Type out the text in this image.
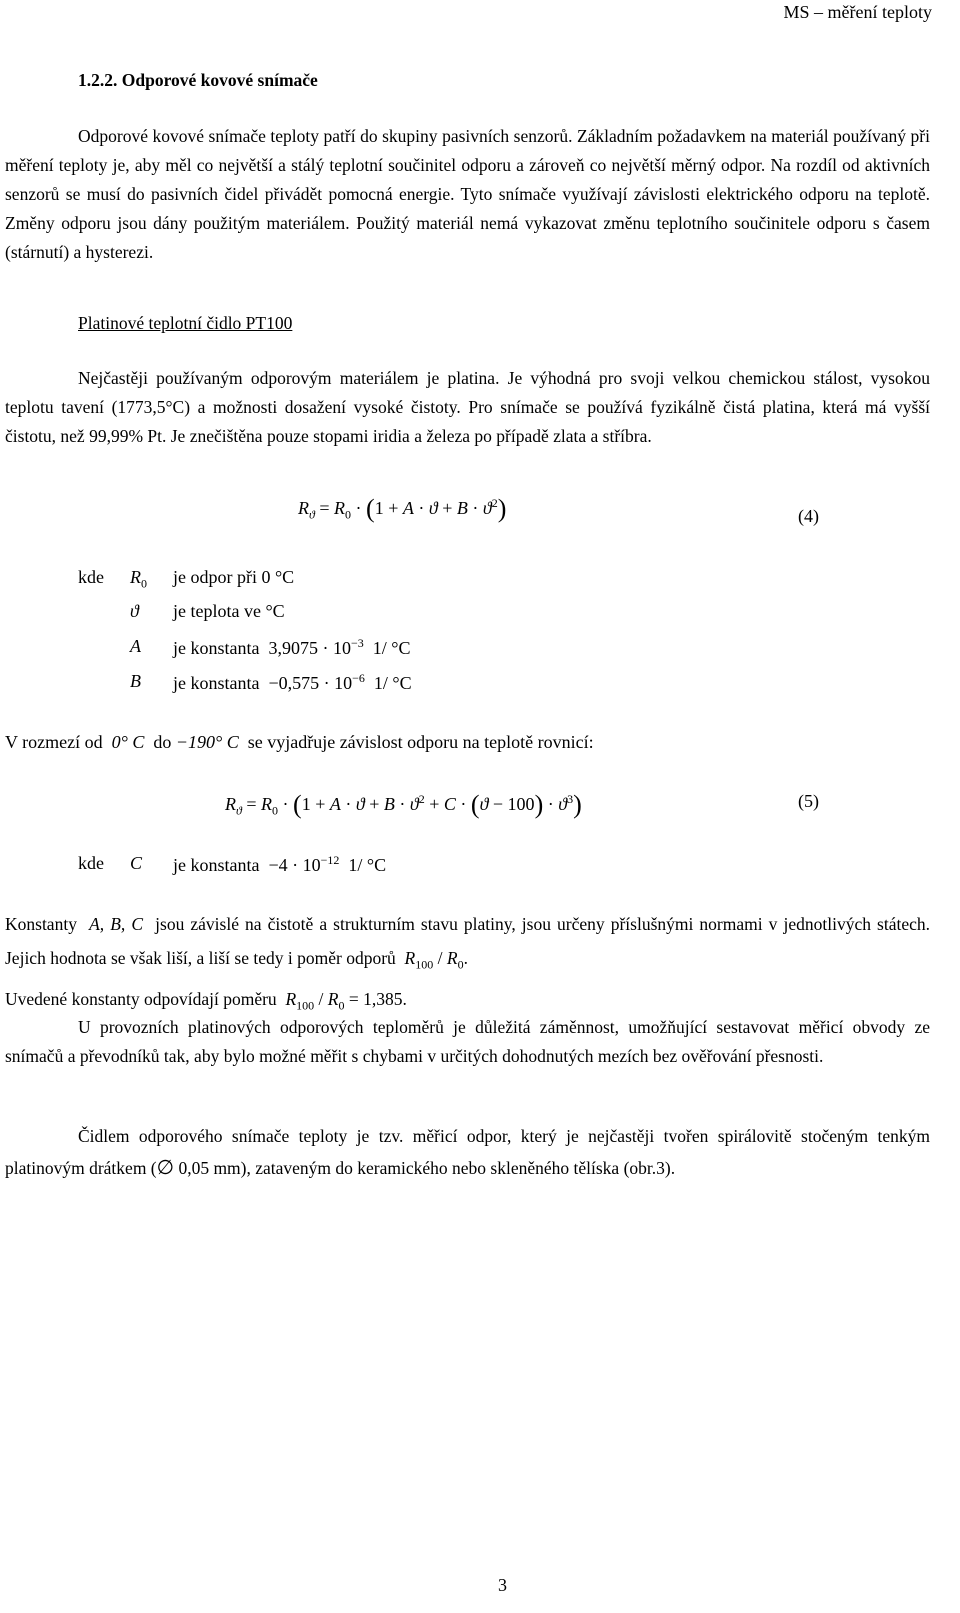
MS – měření teploty
1.2.2. Odporové kovové snímače
Odporové kovové snímače teploty patří do skupiny pasivních senzorů. Základním požadavkem na materiál používaný při měření teploty je, aby měl co největší a stálý teplotní součinitel odporu a zároveň co největší měrný odpor. Na rozdíl od aktivních senzorů se musí do pasivních čidel přivádět pomocná energie. Tyto snímače využívají závislosti elektrického odporu na teplotě. Změny odporu jsou dány použitým materiálem. Použitý materiál nemá vykazovat změnu teplotního součinitele odporu s časem (stárnutí) a hysterezi.
Platinové teplotní čidlo PT100
Nejčastěji používaným odporovým materiálem je platina. Je výhodná pro svoji velkou chemickou stálost, vysokou teplotu tavení (1773,5°C) a možnosti dosažení vysoké čistoty. Pro snímače se používá fyzikálně čistá platina, která má vyšší čistotu, než 99,99% Pt. Je znečištěna pouze stopami iridia a železa po případě zlata a stříbra.
$R_ϑ = R_0 \cdot (1 + A \cdot ϑ + B \cdot ϑ^2)$	(4)
kde $R_0$ je odpor při 0 °C
ϑ je teplota ve °C
A je konstanta $3,9075 \cdot 10^{-3}$ 1/ °C
B je konstanta $-0,575 \cdot 10^{-6}$ 1/ °C
V rozmezí od 0° C do −190° C se vyjadřuje závislost odporu na teplotě rovnicí:
$R_ϑ = R_0 \cdot (1 + A \cdot ϑ + B \cdot ϑ^2 + C \cdot (ϑ - 100) \cdot ϑ^3)$	(5)
kde C je konstanta $-4 \cdot 10^{-12}$ 1/ °C
Konstanty A, B, C jsou závislé na čistotě a strukturním stavu platiny, jsou určeny příslušnými normami v jednotlivých státech. Jejich hodnota se však liší, a liší se tedy i poměr odporů $R_{100} / R_0$.
Uvedené konstanty odpovídají poměru $R_{100} / R_0 = 1,385$.
U provozních platinových odporových teploměrů je důležitá záměnnost, umožňující sestavovat měřicí obvody ze snímačů a převodníků tak, aby bylo možné měřit s chybami v určitých dohodnutých mezích bez ověřování přesnosti.
Čidlem odporového snímače teploty je tzv. měřicí odpor, který je nejčastěji tvořen spirálovitě stočeným tenkým platinovým drátkem (∅ 0,05 mm), zataveným do keramického nebo skleněného tělíska (obr.3).
3
